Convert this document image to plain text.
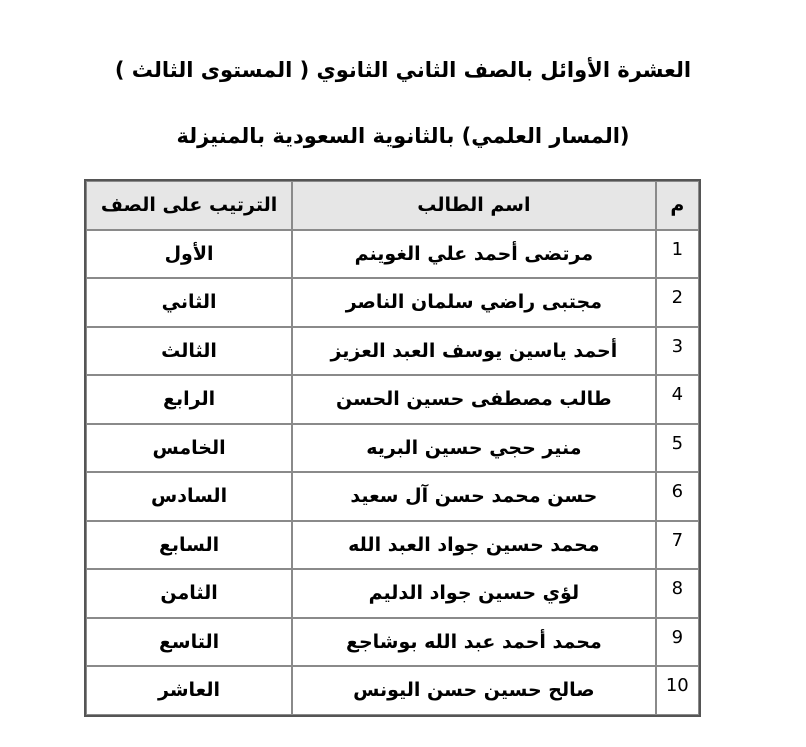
العشرة الأوائل بالصف الثاني الثانوي ( المستوى الثالث )
(المسار العلمي) بالثانوية السعودية بالمنيزلة
م	اسم الطالب	الترتيب على الصف
1	مرتضى أحمد علي الغوينم	الأول
2	مجتبى راضي سلمان الناصر	الثاني
3	أحمد ياسين يوسف العبد العزيز	الثالث
4	طالب مصطفى حسين الحسن	الرابع
5	منير حجي حسين البريه	الخامس
6	حسن محمد حسن آل سعيد	السادس
7	محمد حسين جواد العبد الله	السابع
8	لؤي حسين جواد الدليم	الثامن
9	محمد أحمد عبد الله بوشاجع	التاسع
10	صالح حسين حسن اليونس	العاشر
